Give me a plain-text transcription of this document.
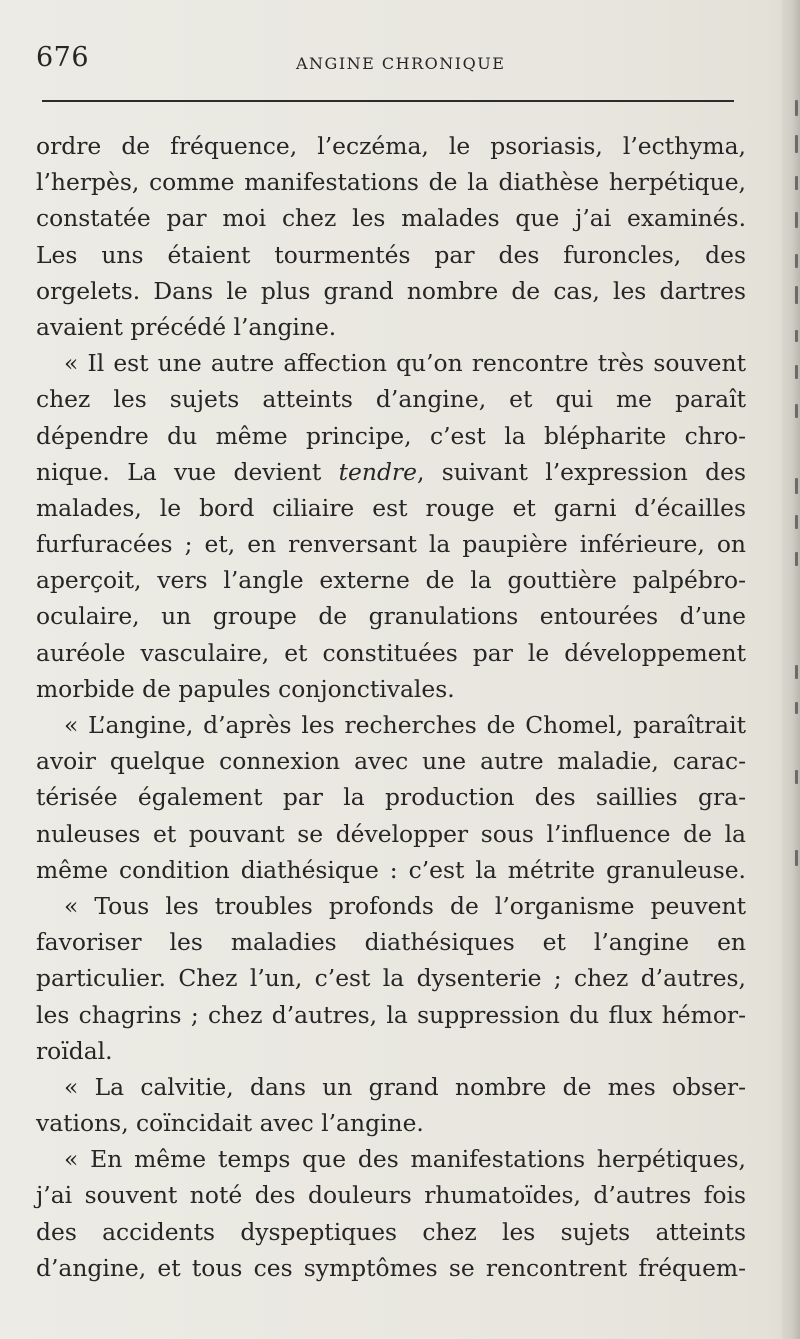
676	ANGINE CHRONIQUE
ordre de fréquence, l’eczéma, le psoriasis, l’ecthyma,
l’herpès, comme manifestations de la diathèse herpétique,
constatée par moi chez les malades que j’ai examinés.
Les uns étaient tourmentés par des furoncles, des
orgelets. Dans le plus grand nombre de cas, les dartres
avaient précédé l’angine.
« Il est une autre affection qu’on rencontre très souvent
chez les sujets atteints d’angine, et qui me paraît
dépendre du même principe, c’est la blépharite chro-
nique. La vue devient tendre, suivant l’expression des
malades, le bord ciliaire est rouge et garni d’écailles
furfuracées ; et, en renversant la paupière inférieure, on
aperçoit, vers l’angle externe de la gouttière palpébro-
oculaire, un groupe de granulations entourées d’une
auréole vasculaire, et constituées par le développement
morbide de papules conjonctivales.
« L’angine, d’après les recherches de Chomel, paraîtrait
avoir quelque connexion avec une autre maladie, carac-
térisée également par la production des saillies gra-
nuleuses et pouvant se développer sous l’influence de la
même condition diathésique : c’est la métrite granuleuse.
« Tous les troubles profonds de l’organisme peuvent
favoriser les maladies diathésiques et l’angine en
particulier. Chez l’un, c’est la dysenterie ; chez d’autres,
les chagrins ; chez d’autres, la suppression du flux hémor-
roïdal.
« La calvitie, dans un grand nombre de mes obser-
vations, coïncidait avec l’angine.
« En même temps que des manifestations herpétiques,
j’ai souvent noté des douleurs rhumatoïdes, d’autres fois
des accidents dyspeptiques chez les sujets atteints
d’angine, et tous ces symptômes se rencontrent fréquem-
